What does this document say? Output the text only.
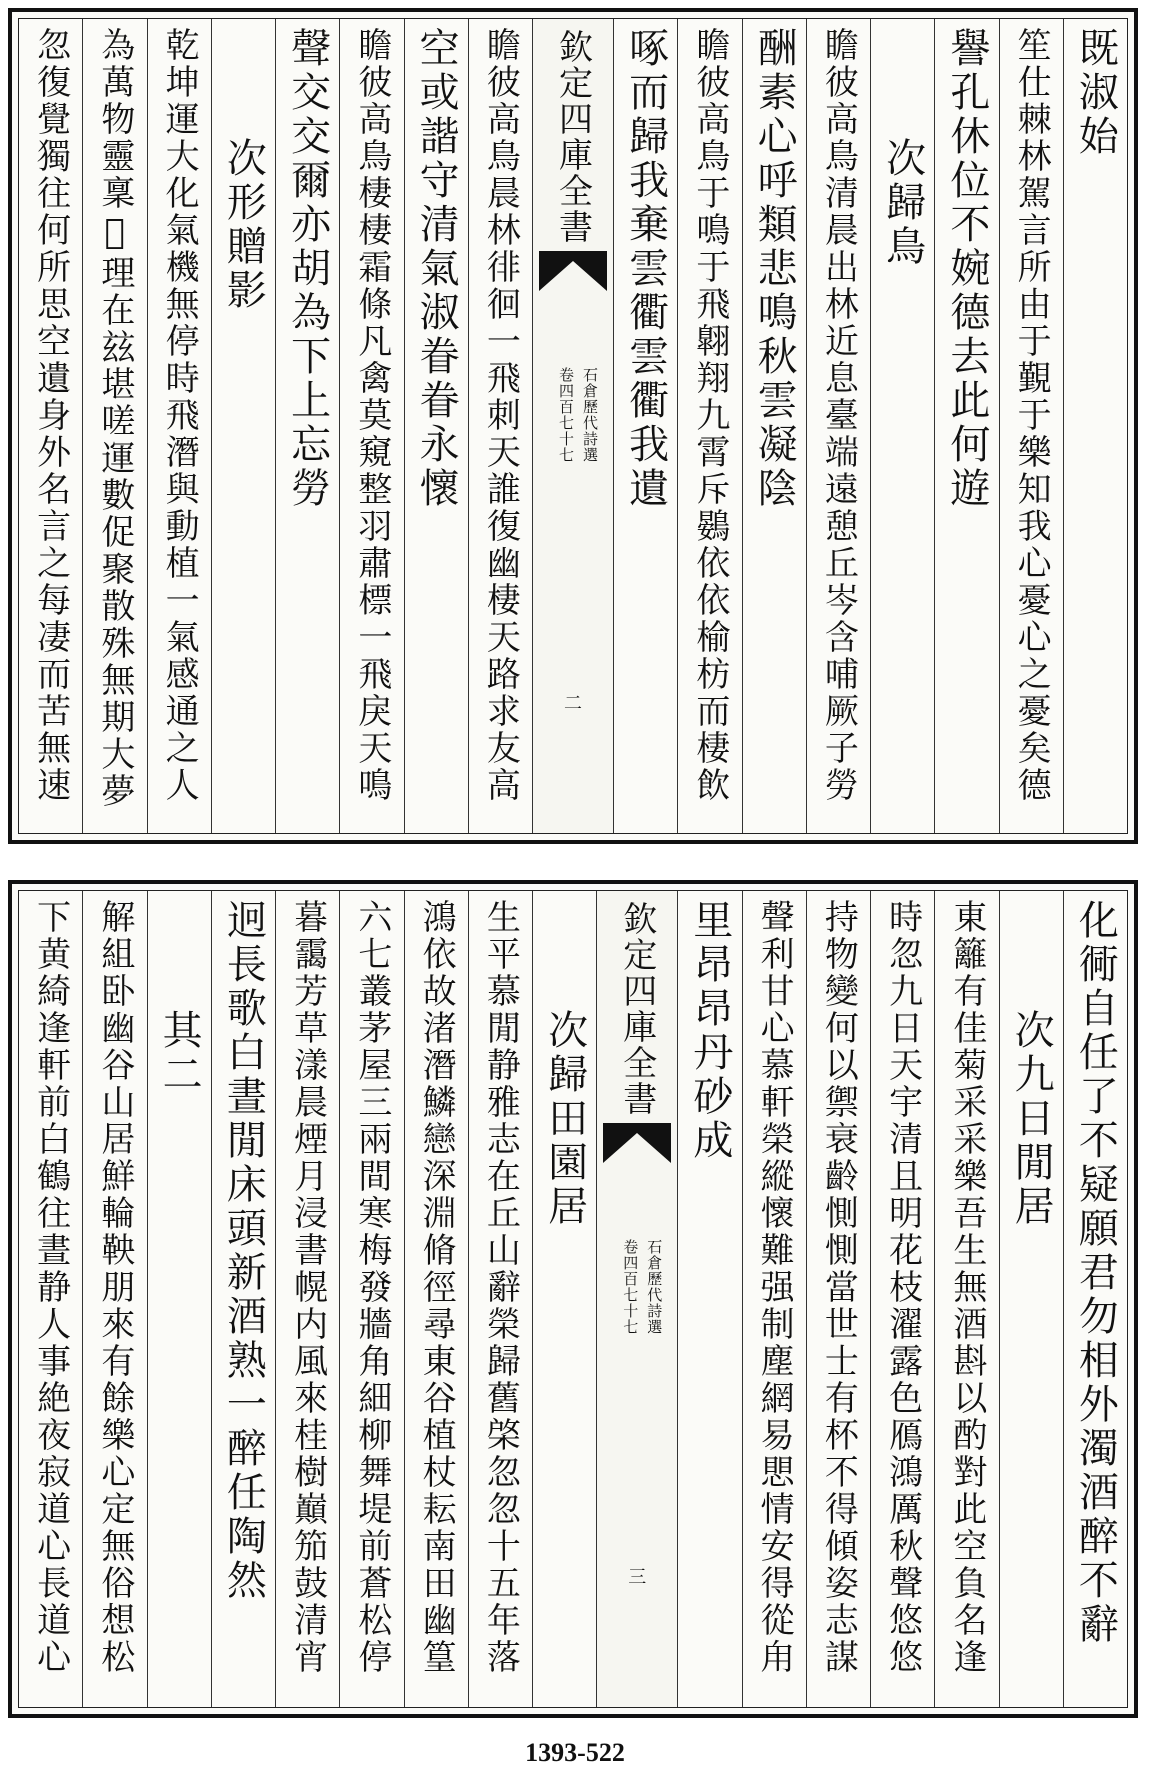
既淑始
笙仕棘林駕言所由于覲于樂知我心憂心之憂矣德
譽孔休位不婉德去此何遊
次歸鳥
瞻彼高鳥清晨出林近息臺端遠憩丘岑含哺厥子勞
酬素心呼類悲鳴秋雲凝陰
瞻彼高鳥于鳴于飛翺翔九霄斥鷃依依榆枋而棲飲
啄而歸我棄雲衢雲衢我遺
欽定四庫全書
石倉歷代詩選
卷四百七十七
二
瞻彼高鳥晨林徘徊一飛刺天誰復幽棲天路求友高
空或諧守清氣淑眷眷永懷
瞻彼高鳥棲棲霜條凡禽莫窺整羽肅標一飛戾天鳴
聲交交爾亦胡為下上忘勞
次形贈影
乾坤運大化氣機無停時飛潛與動植一氣感通之人
為萬物靈稟𥃷理在玆堪嗟運數促聚散殊無期大夢
忽復覺獨往何所思空遺身外名言之每凄而苦無速
化衕自任了不疑願君勿相外濁酒醉不辭
次九日閒居
東籬有佳菊采采樂吾生無酒斟以酌對此空負名逢
時忽九日天宇清且明花枝濯露色鴈鴻厲秋聲悠悠
持物變何以禦衰齡惻惻當世士有杯不得傾姿志謀
聲利甘心慕軒榮縱懷難强制塵網易愳情安得從甪
里昂昂丹砂成
欽定四庫全書
石倉歷代詩選
卷四百七十七
三
次歸田園居
生平慕閒静雅志在丘山辭榮歸舊棨忽忽十五年落
鴻依故渚潛鱗戀深淵脩徑尋東谷植杖耘南田幽篁
六七叢茅屋三兩間寒梅發牆角細柳舞堤前蒼松停
暮靄芳草漾晨煙月浸書幌内風來桂樹巔笳鼓清宵
迥長歌白晝閒床頭新酒熟一醉任陶然
其二
解組卧幽谷山居鮮輪鞅朋來有餘樂心定無俗想松
下黄綺逢軒前白鶴往晝静人事絶夜寂道心長道心
1393-522
